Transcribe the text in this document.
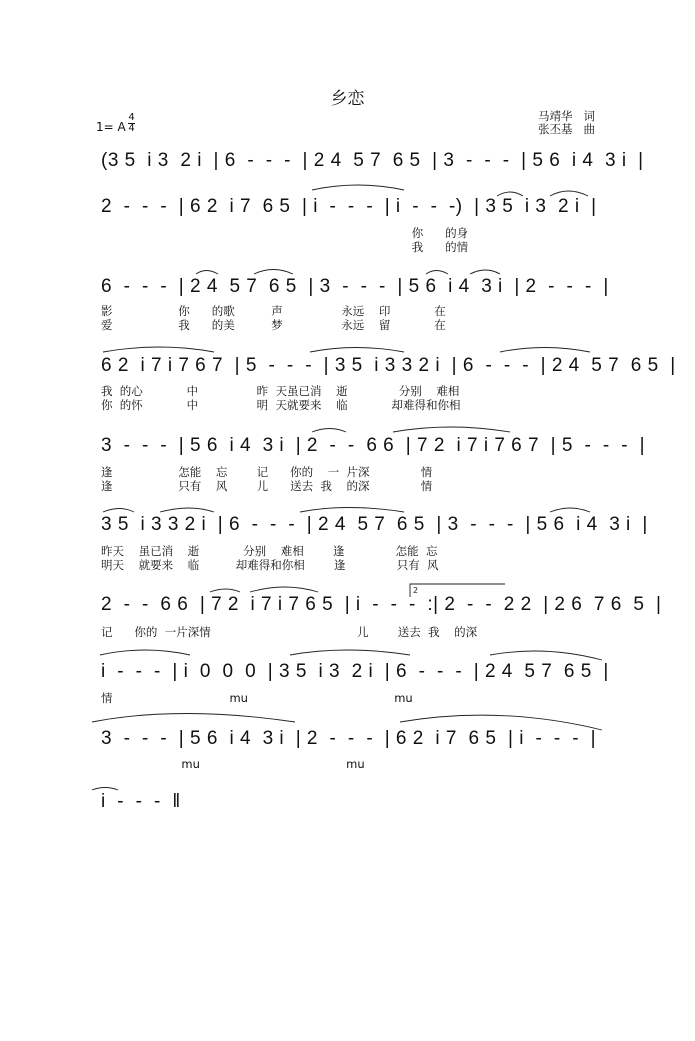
乡恋
马靖华   词
张丕基   曲
1= A
4
4
(3 5  i 3  2 i  | 6  -  -  -  | 2 4  5 7  6 5  | 3  -  -  -  | 5 6  i 4  3 i  |
2  -  -  -  | 6 2  i 7  6 5  | i  -  -  -  | i  -  -  -)  | 3 5  i 3  2 i  |
你      的身
我      的情
6  -  -  -  | 2 4  5 7  6 5  | 3  -  -  -  | 5 6  i 4  3 i  | 2  -  -  -  |
影                  你      的歌          声                永远    印            在
爱                  我      的美          梦                永远    留            在
6 2  i 7 i 7 6 7  | 5  -  -  -  | 3 5  i 3 3 2 i  | 6  -  -  -  | 2 4  5 7  6 5  |
我  的心            中                昨  天虽已消    逝              分别    难相
你  的怀            中                明  天就要来    临            却难得和你相
3  -  -  -  | 5 6  i 4  3 i  | 2  -  -  6 6  | 7 2  i 7 i 7 6 7  | 5  -  -  -  |
逢                  怎能    忘        记      你的    一  片深              情
逢                  只有    风        儿      送去  我    的深              情
3 5  i 3 3 2 i  | 6  -  -  -  | 2 4  5 7  6 5  | 3  -  -  -  | 5 6  i 4  3 i  |
昨天    虽已消    逝            分别    难相        逢              怎能  忘
明天    就要来    临          却难得和你相        逢              只有  风
2  -  -  6 6  | 7 2  i 7 i 7 6 5  | i  -  -  -  :| 2  -  -  2 2  | 2 6  7 6  5  |
记      你的  一片深情                                        儿        送去  我    的深
i  -  -  -  | i  0  0  0  | 3 5  i 3  2 i  | 6  -  -  -  | 2 4  5 7  6 5  |
情                                mu                                        mu
3  -  -  -  | 5 6  i 4  3 i  | 2  -  -  -  | 6 2  i 7  6 5  | i  -  -  -  |
mu                                        mu
i  -  -  -  ‖
2
